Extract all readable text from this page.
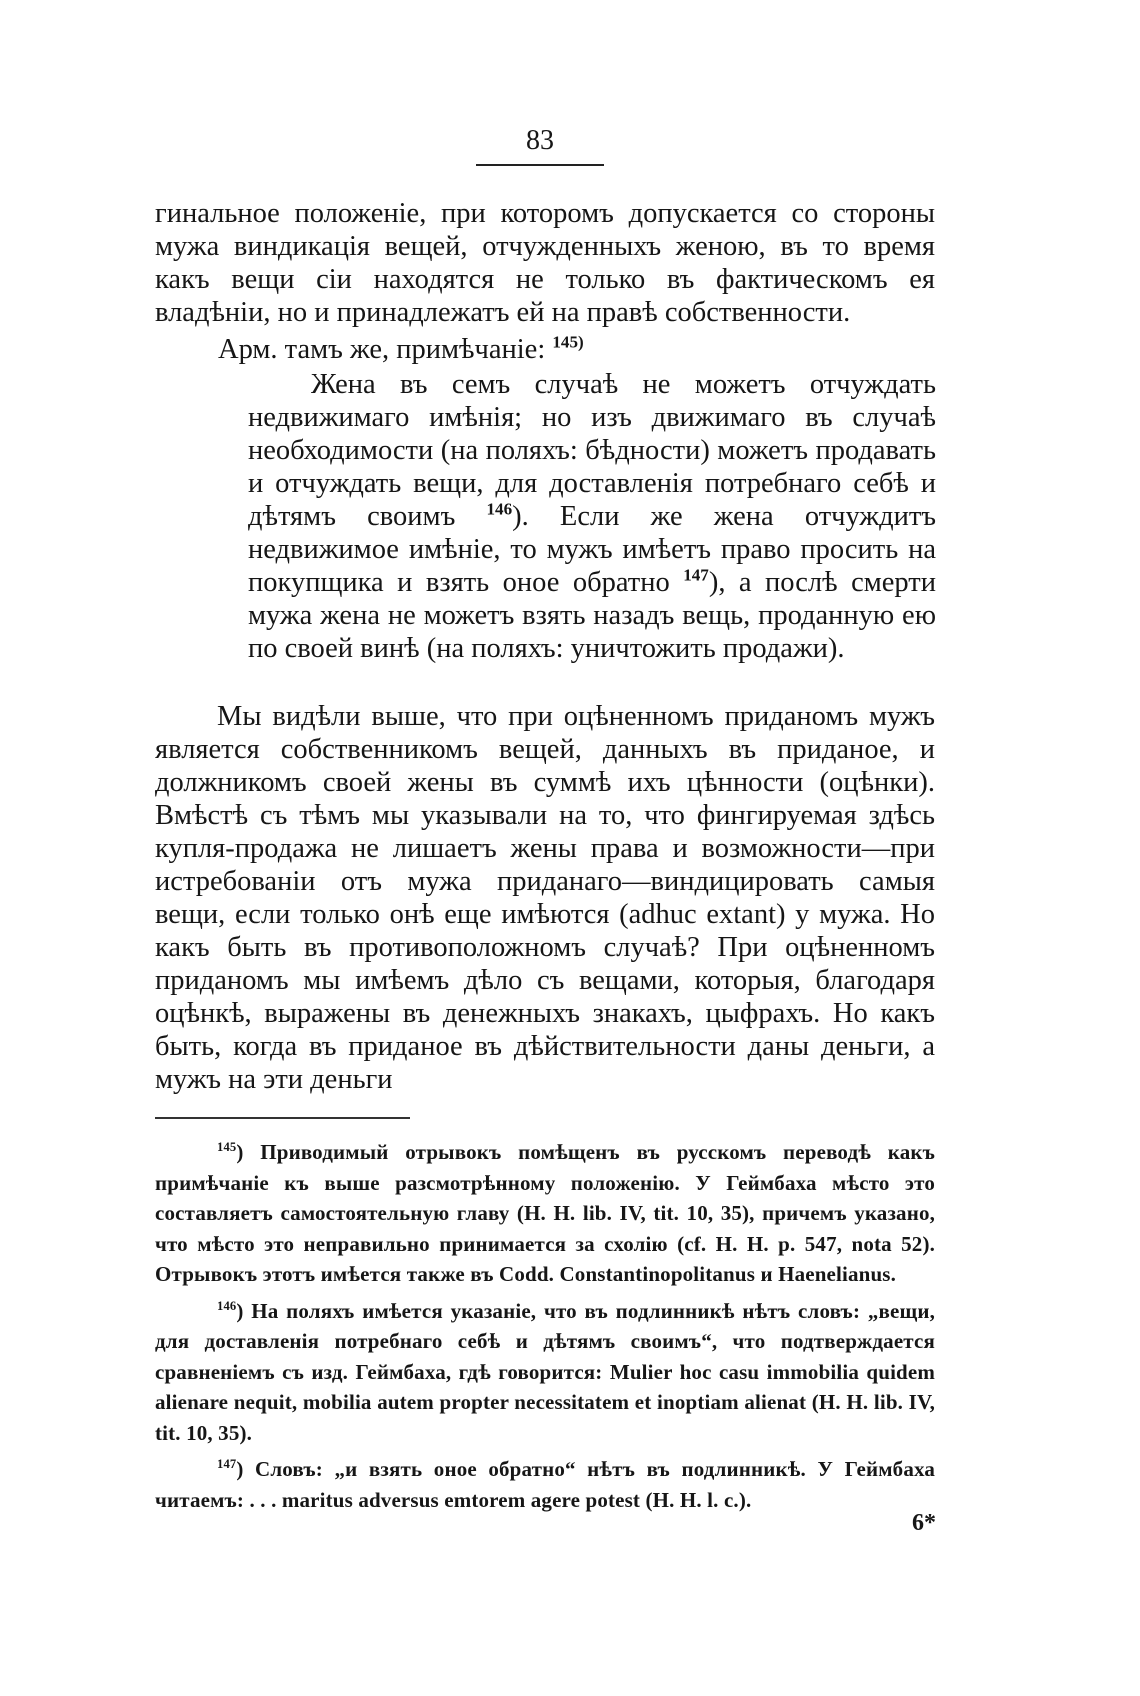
83

гинальное положенiе, при которомъ допускается со стороны мужа виндикацiя вещей, отчужденныхъ женою, въ то время какъ вещи сiи находятся не только въ фактическомъ ея владѣнiи, но и принадлежатъ ей на правѣ собственности.

Арм. тамъ же, примѣчанiе: $^{145)}$

Жена въ семъ случаѣ не можетъ отчуждать недвижимаго имѣнiя; но изъ движимаго въ случаѣ необходимости (на поляхъ: бѣдности) можетъ продавать и отчуждать вещи, для доставленiя потребнаго себѣ и дѣтямъ своимъ $^{146}$). Если же жена отчуждитъ недвижимое имѣнiе, то мужъ имѣетъ право просить на покупщика и взять оное обратно $^{147}$), а послѣ смерти мужа жена не можетъ взять назадъ вещь, проданную ею по своей винѣ (на поляхъ: уничтожить продажи).

Мы видѣли выше, что при оцѣненномъ приданомъ мужъ является собственникомъ вещей, данныхъ въ приданое, и должникомъ своей жены въ суммѣ ихъ цѣнности (оцѣнки). Вмѣстѣ съ тѣмъ мы указывали на то, что фингируемая здѣсь купля-продажа не лишаетъ жены права и возможности—при истребованiи отъ мужа приданаго—виндицировать самыя вещи, если только онѣ еще имѣются (adhuc extant) у мужа. Но какъ быть въ противоположномъ случаѣ? При оцѣненномъ приданомъ мы имѣемъ дѣло съ вещами, которыя, благодаря оцѣнкѣ, выражены въ денежныхъ знакахъ, цыфрахъ. Но какъ быть, когда въ приданое въ дѣйствительности даны деньги, а мужъ на эти деньги

$^{145}$) Приводимый отрывокъ помѣщенъ въ русскомъ переводѣ какъ примѣчанiе къ выше разсмотрѣнному положенiю. У Геймбаха мѣсто это составляетъ самостоятельную главу (H. H. lib. IV, tit. 10, 35), причемъ указано, что мѣсто это неправильно принимается за схолiю (cf. H. H. p. 547, nota 52). Отрывокъ этотъ имѣется также въ Codd. Constantinopolitanus и Haenelianus.

$^{146}$) На поляхъ имѣется указанiе, что въ подлинникѣ нѣтъ словъ: „вещи, для доставленiя потребнаго себѣ и дѣтямъ своимъ“, что подтверждается сравненiемъ съ изд. Геймбаха, гдѣ говорится: Mulier hoc casu immobilia quidem alienare nequit, mobilia autem propter necessitatem et inoptiam alienat (H. H. lib. IV, tit. 10, 35).

$^{147}$) Словъ: „и взять оное обратно“ нѣтъ въ подлинникѣ. У Геймбаха читаемъ: . . . maritus adversus emtorem agere potest (H. H. l. c.).

6*
